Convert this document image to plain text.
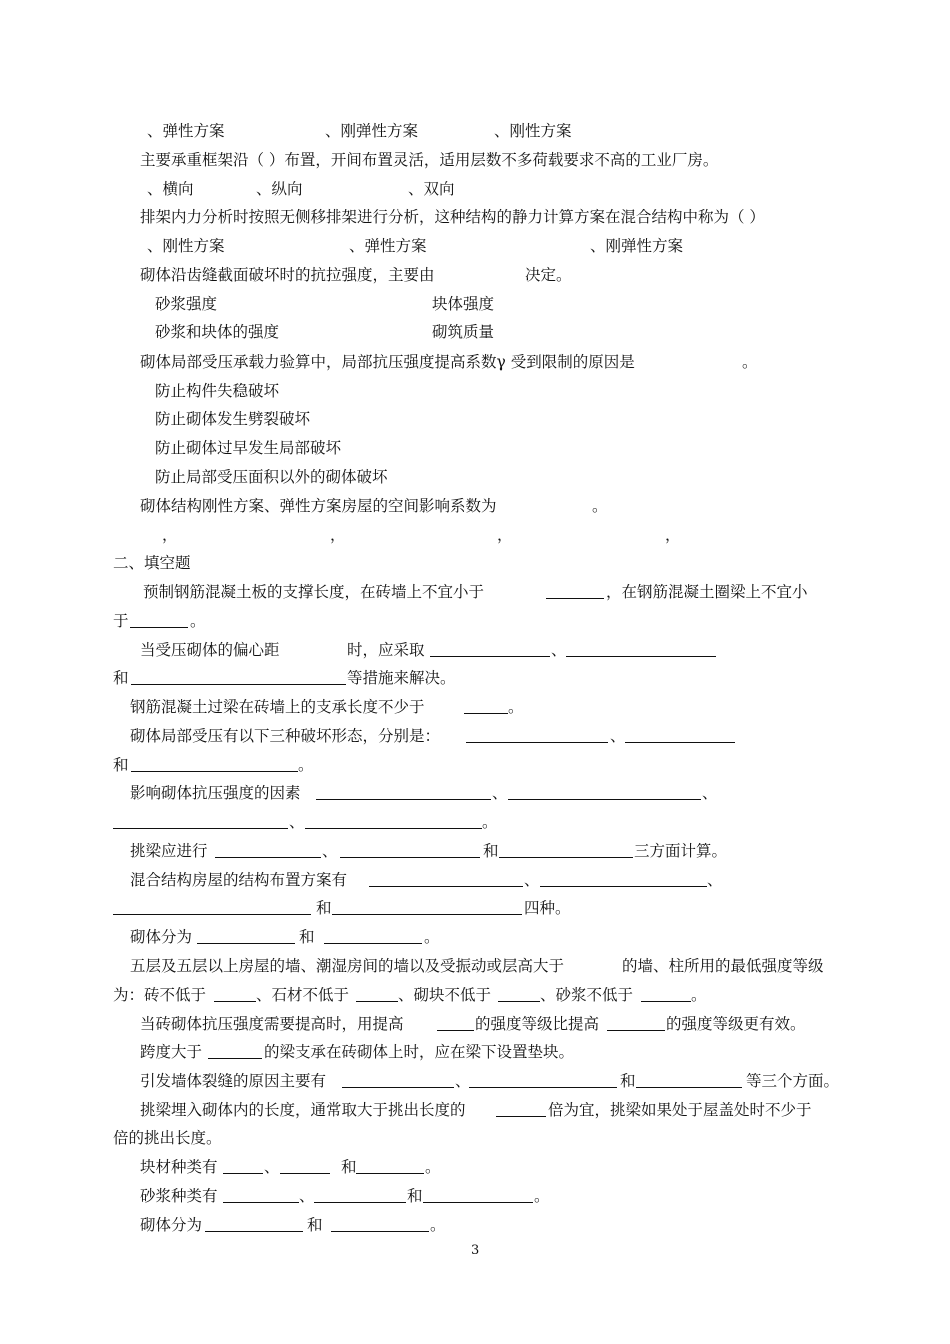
、弹性方案	、刚弹性方案	、刚性方案
主要承重框架沿（ ）布置，开间布置灵活，适用层数不多荷载要求不高的工业厂房。
、横向	、纵向	、双向
排架内力分析时按照无侧移排架进行分析，这种结构的静力计算方案在混合结构中称为（ ）
、刚性方案	、弹性方案	、刚弹性方案
砌体沿齿缝截面破坏时的抗拉强度，主要由	决定。
砂浆强度	块体强度
砂浆和块体的强度	砌筑质量
砌体局部受压承载力验算中，局部抗压强度提高系数γ 受到限制的原因是	。
防止构件失稳破坏
防止砌体发生劈裂破坏
防止砌体过早发生局部破坏
防止局部受压面积以外的砌体破坏
砌体结构刚性方案、弹性方案房屋的空间影响系数为	。
，	，	，	，
二、填空题
预制钢筋混凝土板的支撑长度，在砖墙上不宜小于	，在钢筋混凝土圈梁上不宜小
于	。
当受压砌体的偏心距	时，应采取	、
和	等措施来解决。
钢筋混凝土过梁在砖墙上的支承长度不少于	。
砌体局部受压有以下三种破坏形态，分别是：	、
和	。
影响砌体抗压强度的因素	、	、
、	。
挑梁应进行	、	和	三方面计算。
混合结构房屋的结构布置方案有	、	、
和	四种。
砌体分为	和	。
五层及五层以上房屋的墙、潮湿房间的墙以及受振动或层高大于	的墙、柱所用的最低强度等级
为：砖不低于	、石材不低于	、砌块不低于	、砂浆不低于	。
当砖砌体抗压强度需要提高时，用提高	的强度等级比提高	的强度等级更有效。
跨度大于	的梁支承在砖砌体上时，应在梁下设置垫块。
引发墙体裂缝的原因主要有	、	和	等三个方面。
挑梁埋入砌体内的长度，通常取大于挑出长度的	倍为宜，挑梁如果处于屋盖处时不少于
倍的挑出长度。
块材种类有	、	和	。
砂浆种类有	、	和	。
砌体分为	和	。
3
